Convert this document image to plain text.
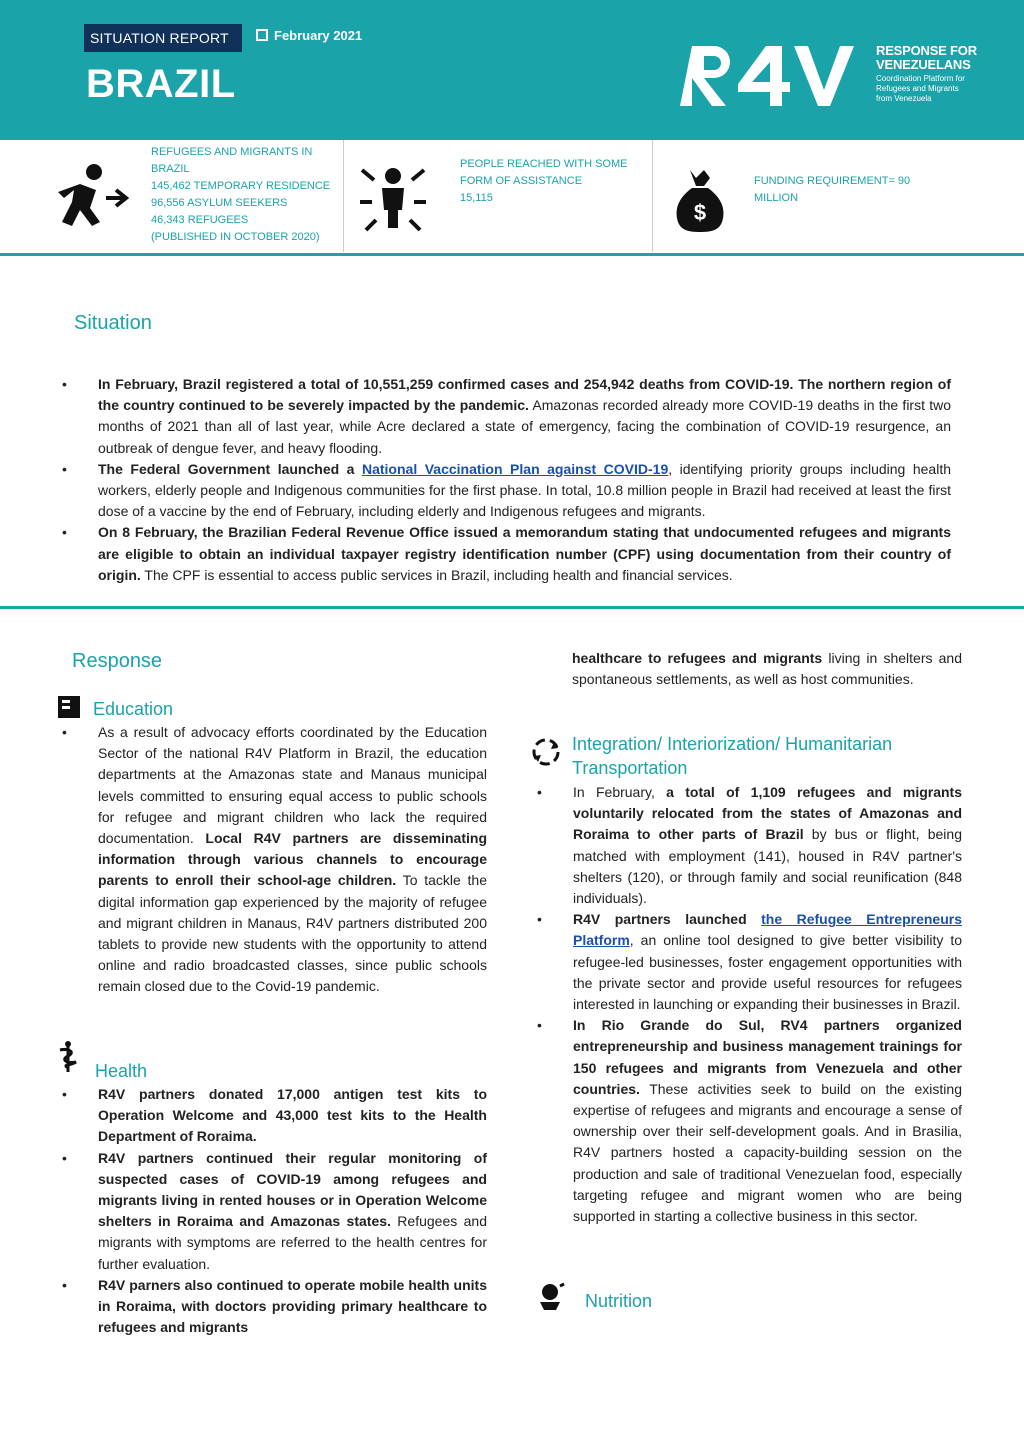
SITUATION REPORT	February 2021
BRAZIL
RESPONSE FOR
VENEZUELANS
Coordination Platform for Refugees and Migrants from Venezuela
REFUGEES AND MIGRANTS IN
BRAZIL
145,462 TEMPORARY RESIDENCE
96,556 ASYLUM SEEKERS
46,343 REFUGEES
(PUBLISHED IN OCTOBER 2020)
PEOPLE REACHED WITH SOME
FORM OF ASSISTANCE
15,115
$
FUNDING REQUIREMENT= 90
MILLION
Situation
• In February, Brazil registered a total of 10,551,259 confirmed cases and 254,942 deaths from COVID-19. The northern region of the country continued to be severely impacted by the pandemic. Amazonas recorded already more COVID-19 deaths in the first two months of 2021 than all of last year, while Acre declared a state of emergency, facing the combination of COVID-19 resurgence, an outbreak of dengue fever, and heavy flooding.
• The Federal Government launched a National Vaccination Plan against COVID-19, identifying priority groups including health workers, elderly people and Indigenous communities for the first phase. In total, 10.8 million people in Brazil had received at least the first dose of a vaccine by the end of February, including elderly and Indigenous refugees and migrants.
• On 8 February, the Brazilian Federal Revenue Office issued a memorandum stating that undocumented refugees and migrants are eligible to obtain an individual taxpayer registry identification number (CPF) using documentation from their country of origin. The CPF is essential to access public services in Brazil, including health and financial services.
Response
Education
• As a result of advocacy efforts coordinated by the Education Sector of the national R4V Platform in Brazil, the education departments at the Amazonas state and Manaus municipal levels committed to ensuring equal access to public schools for refugee and migrant children who lack the required documentation. Local R4V partners are disseminating information through various channels to encourage parents to enroll their school-age children. To tackle the digital information gap experienced by the majority of refugee and migrant children in Manaus, R4V partners distributed 200 tablets to provide new students with the opportunity to attend online and radio broadcasted classes, since public schools remain closed due to the Covid-19 pandemic.
Health
• R4V partners donated 17,000 antigen test kits to Operation Welcome and 43,000 test kits to the Health Department of Roraima.
• R4V partners continued their regular monitoring of suspected cases of COVID-19 among refugees and migrants living in rented houses or in Operation Welcome shelters in Roraima and Amazonas states. Refugees and migrants with symptoms are referred to the health centres for further evaluation.
• R4V parners also continued to operate mobile health units in Roraima, with doctors providing primary healthcare to refugees and migrants
healthcare to refugees and migrants living in shelters and spontaneous settlements, as well as host communities.
Integration/ Interiorization/ Humanitarian Transportation
• In February, a total of 1,109 refugees and migrants voluntarily relocated from the states of Amazonas and Roraima to other parts of Brazil by bus or flight, being matched with employment (141), housed in R4V partner's shelters (120), or through family and social reunification (848 individuals).
• R4V partners launched the Refugee Entrepreneurs Platform, an online tool designed to give better visibility to refugee-led businesses, foster engagement opportunities with the private sector and provide useful resources for refugees interested in launching or expanding their businesses in Brazil.
• In Rio Grande do Sul, RV4 partners organized entrepreneurship and business management trainings for 150 refugees and migrants from Venezuela and other countries. These activities seek to build on the existing expertise of refugees and migrants and encourage a sense of ownership over their self-development goals. And in Brasilia, R4V partners hosted a capacity-building session on the production and sale of traditional Venezuelan food, especially targeting refugee and migrant women who are being supported in starting a collective business in this sector.
Nutrition
